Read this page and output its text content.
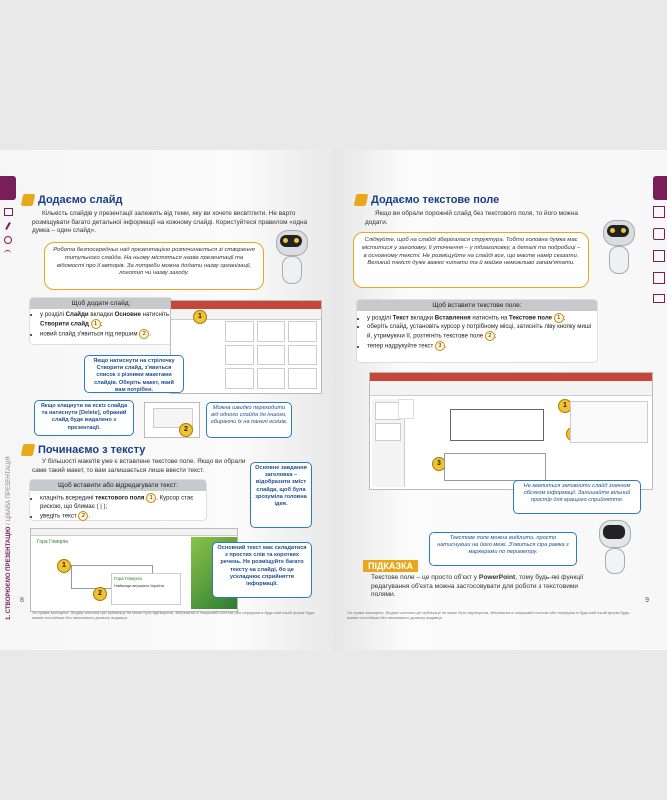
1. СТВОРЮЄМО ПРЕЗЕНТАЦІЮ / ЦІКАВА ПРЕЗЕНТАЦІЯ
Додаємо слайд
Кількість слайдів у презентації залежить від теми, яку ви хочете висвітлити. Не варто розміщувати багато детальної інформації на кожному слайді. Користуйтеся правилом «одна думка – один слайд».
Робота безпосередньо над презентацією розпочинається зі створення титульного слайда. На ньому містяться назва презентації та відомості про її авторів. За потреби можна додати назву організації, логотип чи назву заходу.
Щоб додати слайд:
• у розділі Слайди вкладки Основне натисніть Створити слайд 1 ;
• новий слайд з'явиться під першим 2 .
1
Якщо натиснути на стрілочку Створити слайд, з'явиться список з різними макетами слайдів. Оберіть макет, який вам потрібен.
Якщо клацнути на ескіз слайда та натиснути [Delete], обраний слайд буде видалено з презентації.	2
Можна швидко переходити від одного слайда до іншого, обираючи їх на панелі ескізів.
Починаємо з тексту
У більшості макетів уже є вставлене текстове поле. Якщо ви обрали саме такий макет, то вам залишається лише ввести текст.
Щоб вставити або відредагувати текст:
• клацніть всередині текстового поля 1 . Курсор стає рискою, що блимає ( | );
• уведіть текст 2 .
Основне завдання заголовка – відобразити зміст слайда, щоб була зрозуміла головна ідея.
Гора Говерла
Гора Говерла
Найвища вершина України
1
2
Основний текст має складатися з простих слів та коротких речень. Не розміщуйте багато тексту на слайді, бо це ускладнює сприйняття інформації.
8
Усі права захищено. Жодна частина цієї публікації не може бути відтворена, збережена в пошуковій системі або передана в будь-якій іншій формі будь-якими способами без письмового дозволу видавця.
Додаємо текстове поле
Якщо ви обрали порожній слайд без текстового поля, то його можна додати.
Слідкуйте, щоб на слайді зберігалася структура. Тобто головна думка має міститися у заголовку, її уточнення – у підзаголовку, а деталі та подробиці – в основному тексті. Не розміщуйте на слайді все, що маєте намір сказати. Великий текст дуже важко читати та й майже неможливо запам'ятати.
Щоб вставити текстове поле:
• у розділі Текст вкладки Вставлення натисніть на Текстове поле 1 ;
• оберіть слайд, установіть курсор у потрібному місці, затисніть ліву кнопку миші й, утримуючи її, розтягніть текстове поле 2 ;
• тепер надрукуйте текст 3 .
1
3
Не квапиться заповнити слайд значним обсягом інформації. Залишайте вільний простір для кращого сприйняття.
Текстове поле можна виділити, просто натиснувши на його межі. З'явиться сіра рамка з маркерами по периметру.
ПІДКАЗКА
Текстове поле – це просто об'єкт у PowerPoint, тому будь-які функції редагування об'єкта можна застосовувати для роботи з текстовими полями.
9
Усі права захищено. Жодна частина цієї публікації не може бути відтворена, збережена в пошуковій системі або передана в будь-якій іншій формі будь-якими способами без письмового дозволу видавця.
